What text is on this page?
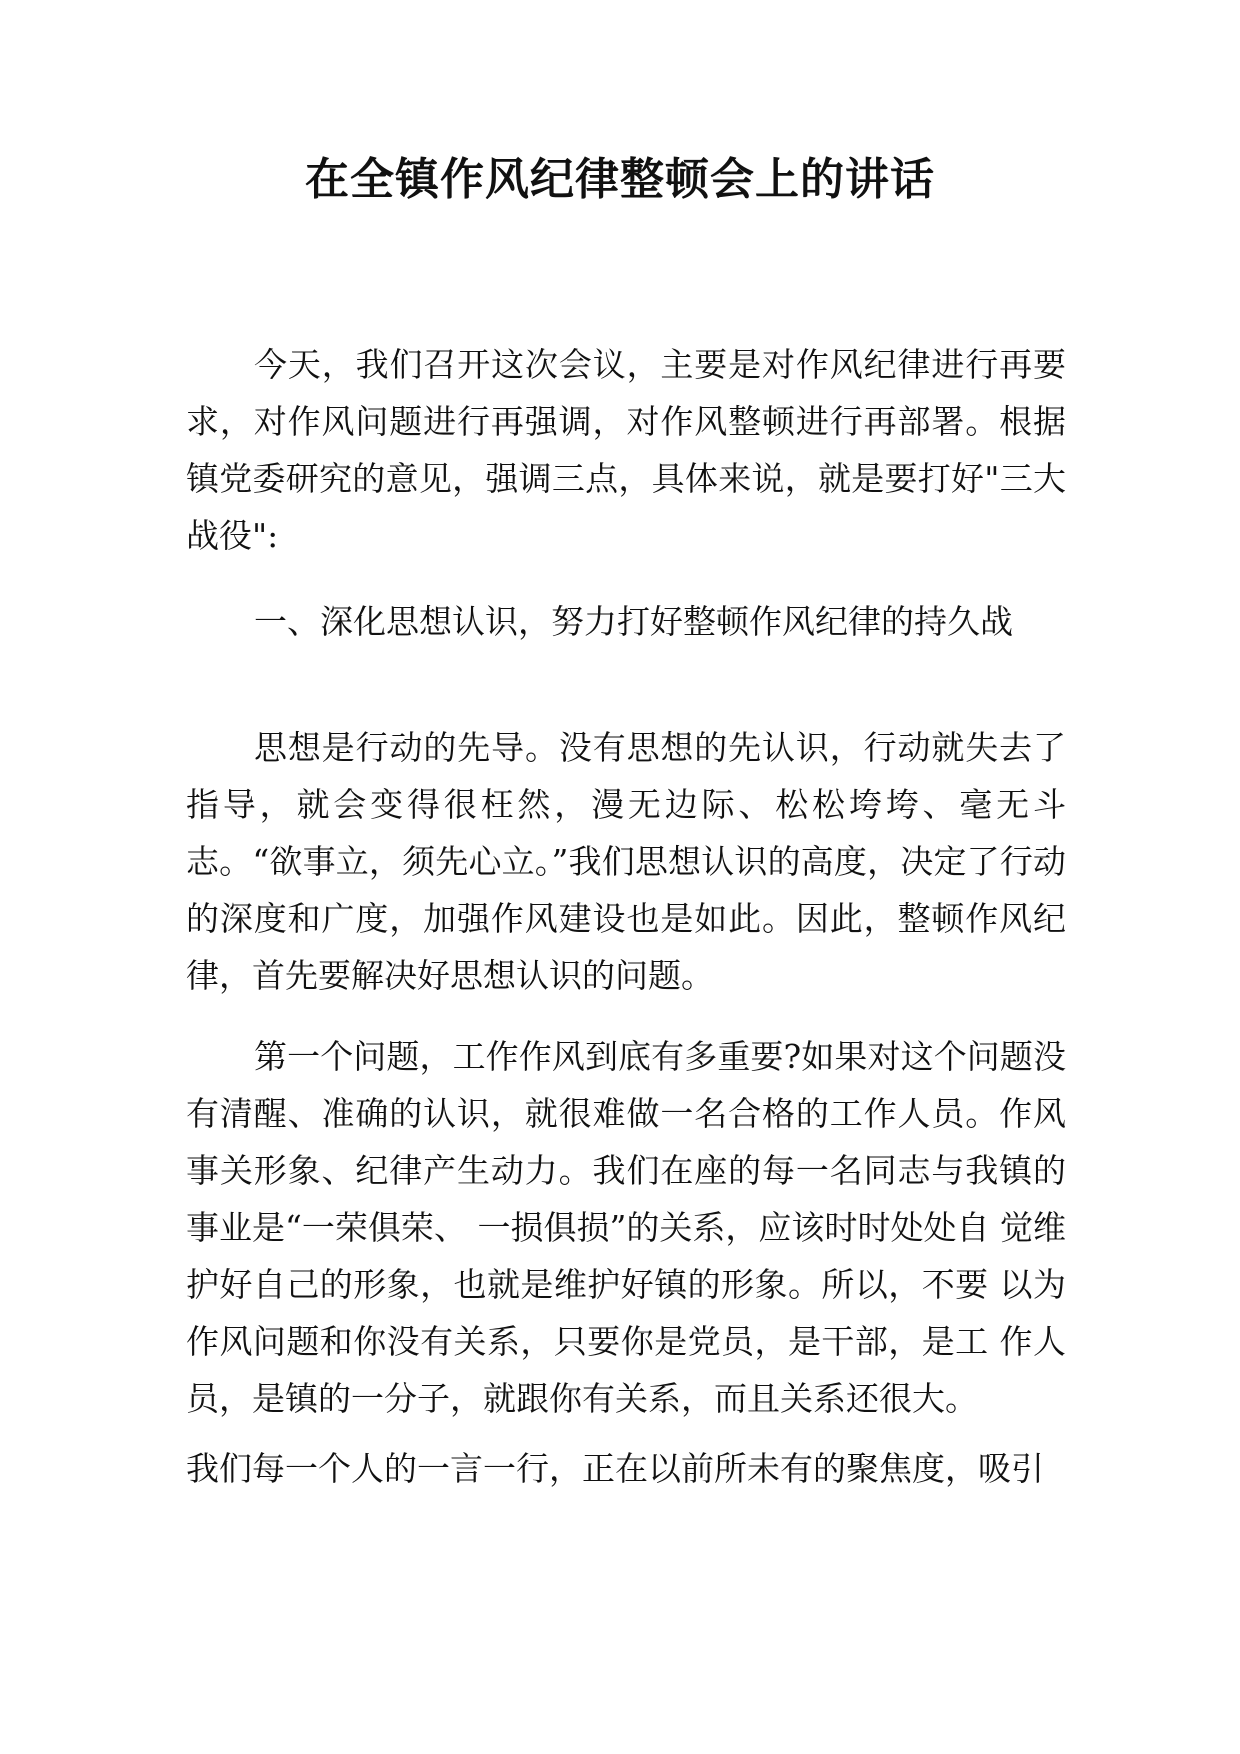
在全镇作风纪律整顿会上的讲话

今天，我们召开这次会议，主要是对作风纪律进行再要求，对作风问题进行再强调，对作风整顿进行再部署。根据镇党委研究的意见，强调三点，具体来说，就是要打好"三大战役":

一、深化思想认识，努力打好整顿作风纪律的持久战

思想是行动的先导。没有思想的先认识，行动就失去了指导，就会变得很枉然，漫无边际、松松垮垮、毫无斗志。“欲事立，须先心立。”我们思想认识的高度，决定了行动的深度和广度，加强作风建设也是如此。因此，整顿作风纪律，首先要解决好思想认识的问题。

第一个问题，工作作风到底有多重要?如果对这个问题没有清醒、准确的认识，就很难做一名合格的工作人员。作风事关形象、纪律产生动力。我们在座的每一名同志与我镇的事业是“一荣俱荣、 一损俱损”的关系，应该时时处处自 觉维护好自己的形象，也就是维护好镇的形象。所以，不要 以为作风问题和你没有关系，只要你是党员，是干部，是工 作人员，是镇的一分子，就跟你有关系，而且关系还很大。

我们每一个人的一言一行，正在以前所未有的聚焦度，吸引
